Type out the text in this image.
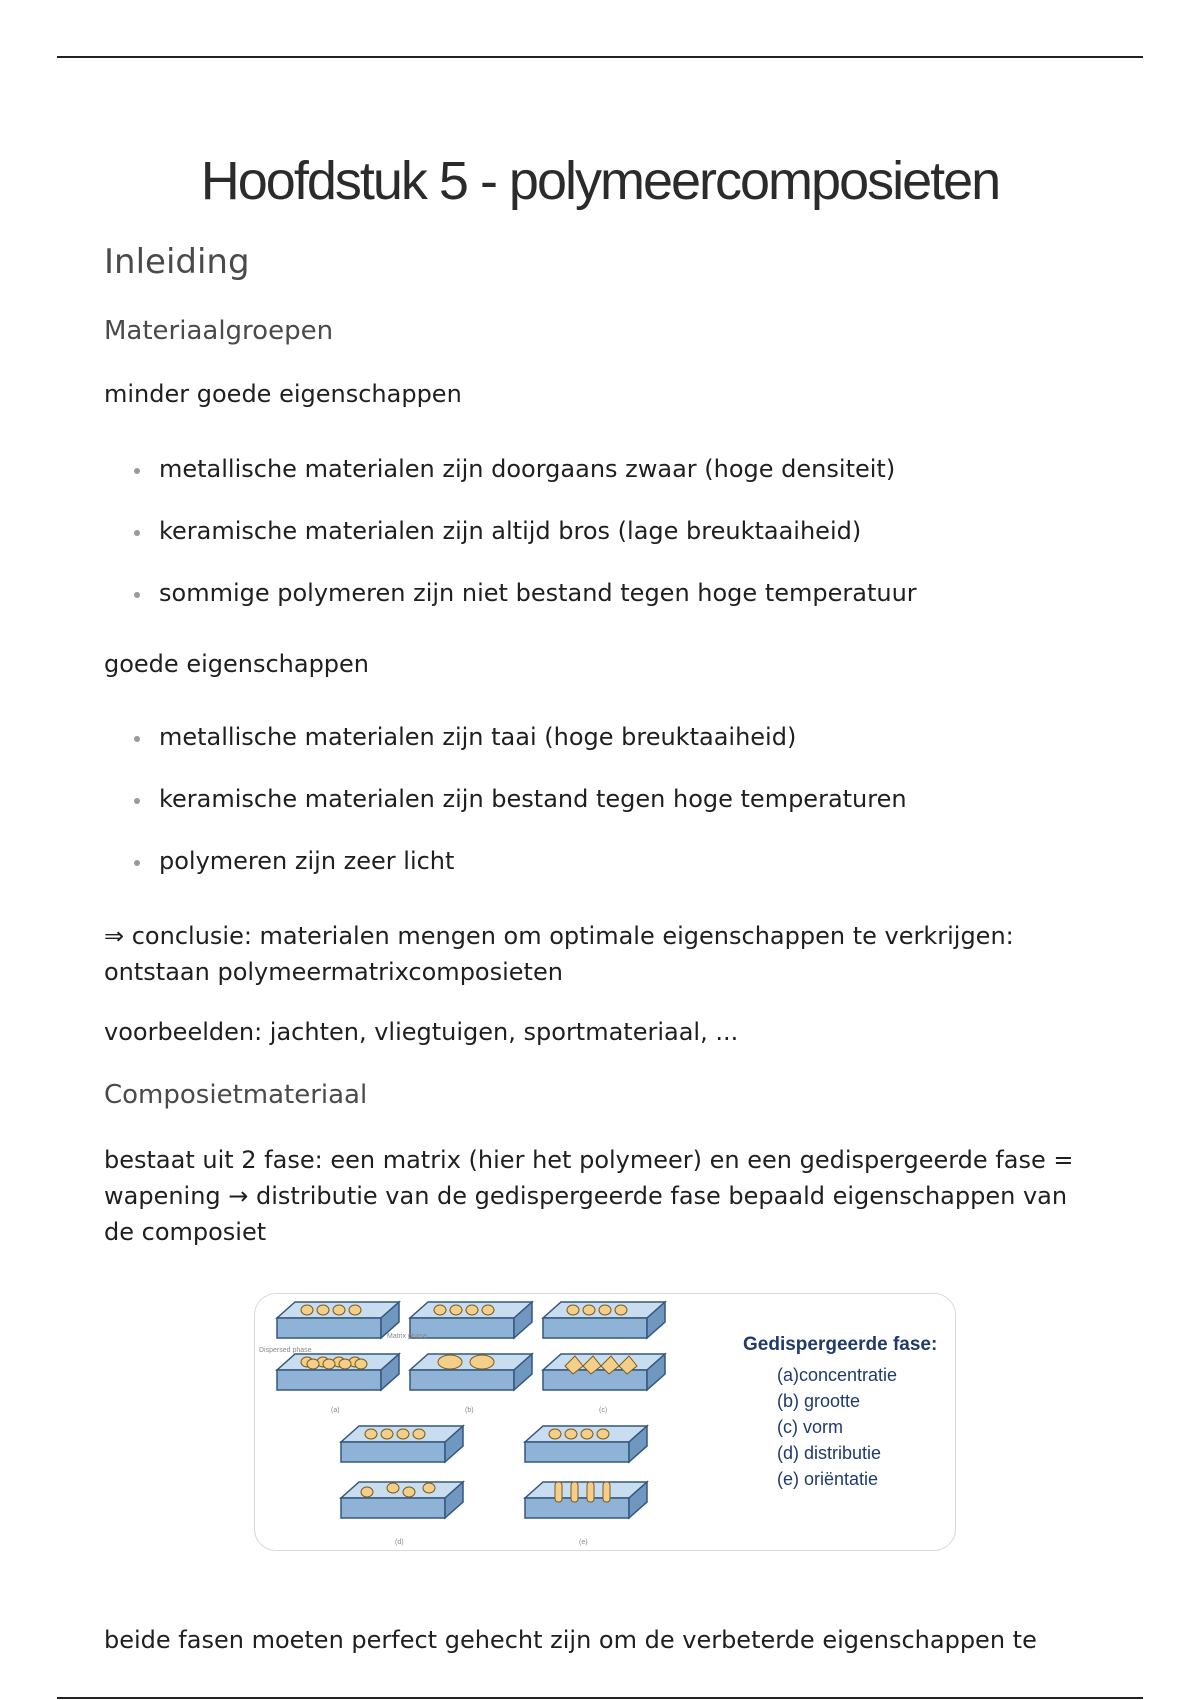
Hoofdstuk 5 - polymeercomposieten
Inleiding
Materiaalgroepen

minder goede eigenschappen

metallische materialen zijn doorgaans zwaar (hoge densiteit)
keramische materialen zijn altijd bros (lage breuktaaiheid)
sommige polymeren zijn niet bestand tegen hoge temperatuur

goede eigenschappen

metallische materialen zijn taai (hoge breuktaaiheid)
keramische materialen zijn bestand tegen hoge temperaturen
polymeren zijn zeer licht

⇒ conclusie: materialen mengen om optimale eigenschappen te verkrijgen:
ontstaan polymeermatrixcomposieten

voorbeelden: jachten, vliegtuigen, sportmateriaal, ...

Composietmateriaal

bestaat uit 2 fase: een matrix (hier het polymeer) en een gedispergeerde fase =
wapening → distributie van de gedispergeerde fase bepaald eigenschappen van
de composiet

Dispersed phase
Matrix phase
(a)	(b)	(c)
(d)	(e)
Gedispergeerde fase:
(a)concentratie
(b) grootte
(c) vorm
(d) distributie
(e) oriëntatie

beide fasen moeten perfect gehecht zijn om de verbeterde eigenschappen te
